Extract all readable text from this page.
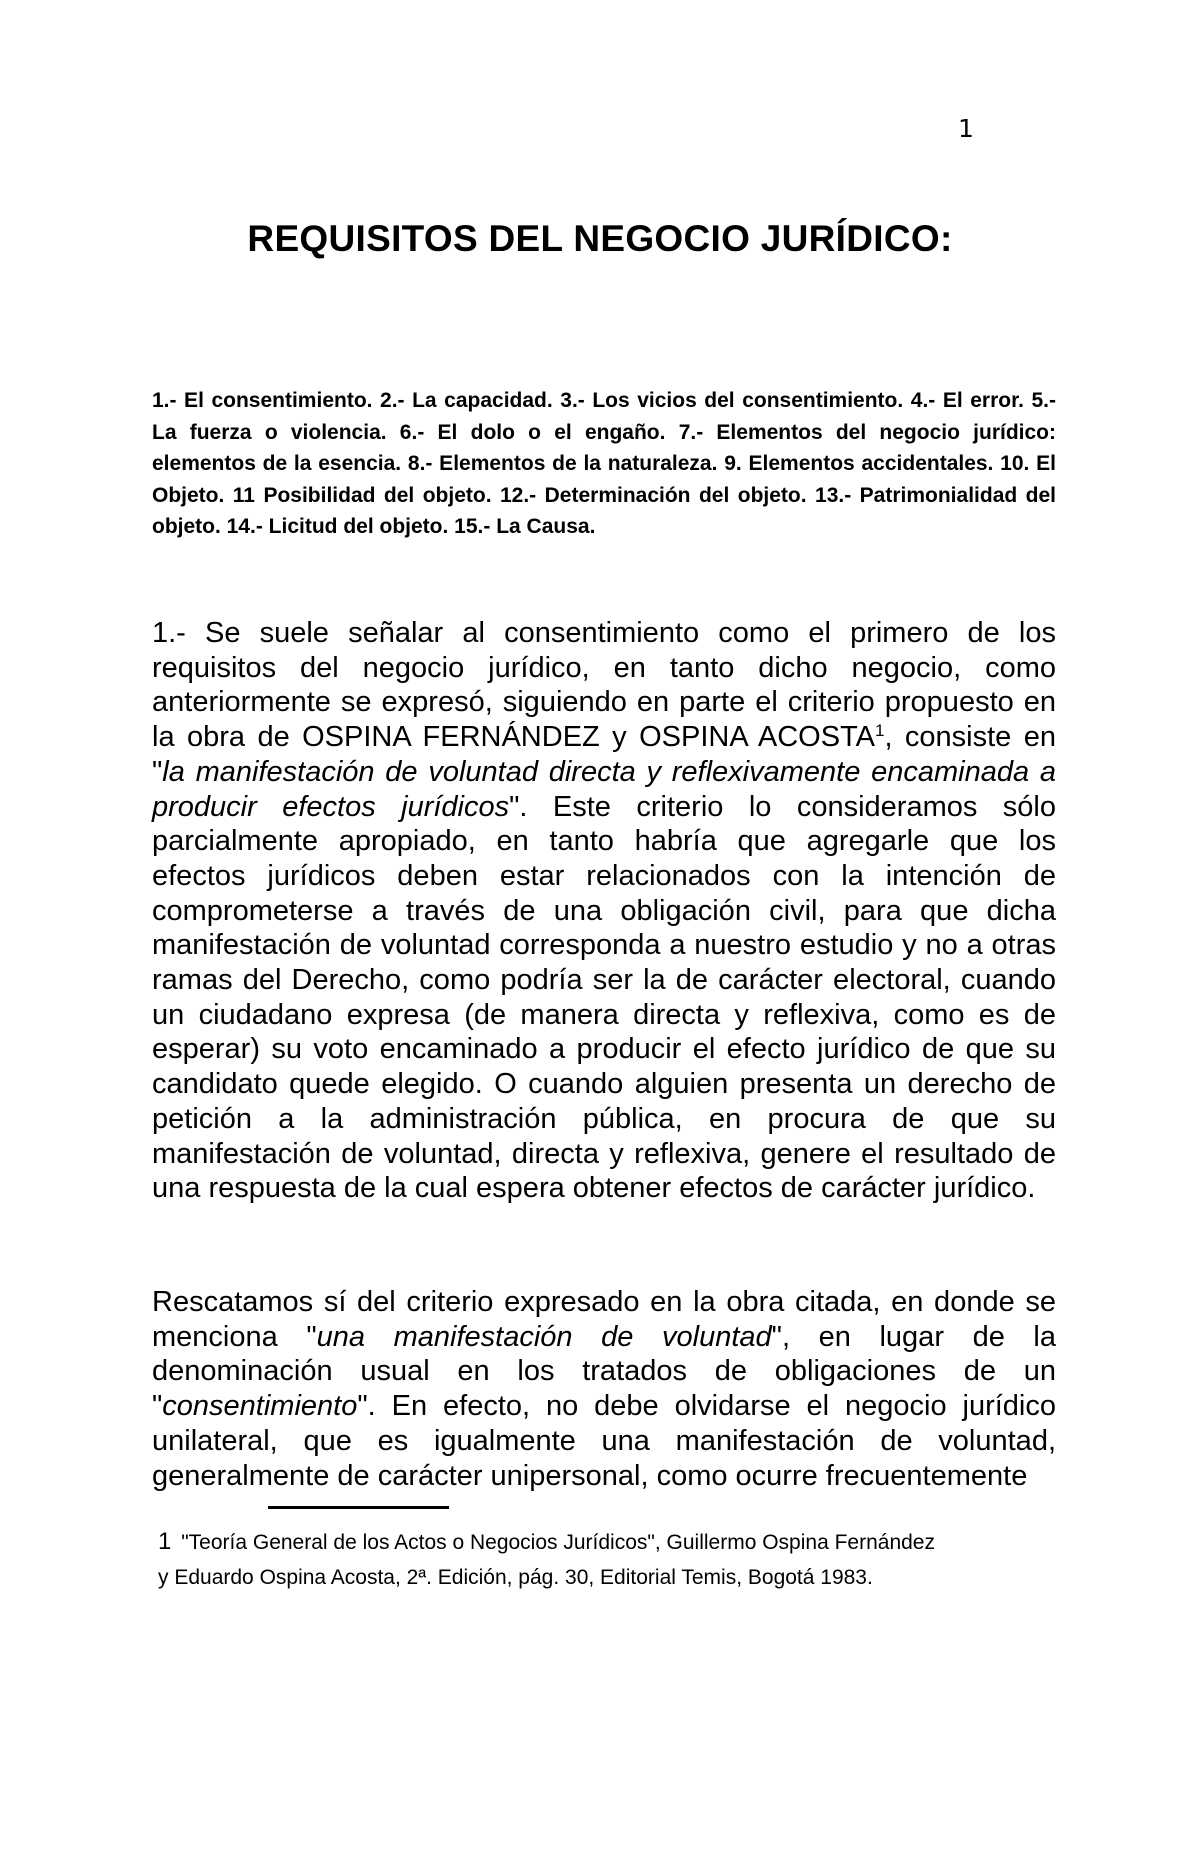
1
REQUISITOS DEL NEGOCIO JURÍDICO:
1.- El consentimiento. 2.- La capacidad. 3.- Los vicios del consentimiento. 4.- El error. 5.- La fuerza o violencia. 6.- El dolo o el engaño. 7.- Elementos del negocio jurídico: elementos de la esencia. 8.- Elementos de la naturaleza. 9. Elementos accidentales. 10. El Objeto. 11 Posibilidad del objeto. 12.- Determinación del objeto. 13.- Patrimonialidad del objeto. 14.- Licitud del objeto. 15.- La Causa.
1.- Se suele señalar al consentimiento como el primero de los requisitos del negocio jurídico, en tanto dicho negocio, como anteriormente se expresó, siguiendo en parte el criterio propuesto en la obra de OSPINA FERNÁNDEZ y OSPINA ACOSTA$^1$, consiste en "la manifestación de voluntad directa y reflexivamente encaminada a producir efectos jurídicos". Este criterio lo consideramos sólo parcialmente apropiado, en tanto habría que agregarle que los efectos jurídicos deben estar relacionados con la intención de comprometerse a través de una obligación civil, para que dicha manifestación de voluntad corresponda a nuestro estudio y no a otras ramas del Derecho, como podría ser la de carácter electoral, cuando un ciudadano expresa (de manera directa y reflexiva, como es de esperar) su voto encaminado a producir el efecto jurídico de que su candidato quede elegido. O cuando alguien presenta un derecho de petición a la administración pública, en procura de que su manifestación de voluntad, directa y reflexiva, genere el resultado de una respuesta de la cual espera obtener efectos de carácter jurídico.
Rescatamos sí del criterio expresado en la obra citada, en donde se menciona "una manifestación de voluntad", en lugar de la denominación usual en los tratados de obligaciones de un "consentimiento". En efecto, no debe olvidarse el negocio jurídico unilateral, que es igualmente una manifestación de voluntad, generalmente de carácter unipersonal, como ocurre frecuentemente
1 "Teoría General de los Actos o Negocios Jurídicos", Guillermo Ospina Fernández y Eduardo Ospina Acosta, 2ª. Edición, pág. 30, Editorial Temis, Bogotá 1983.
